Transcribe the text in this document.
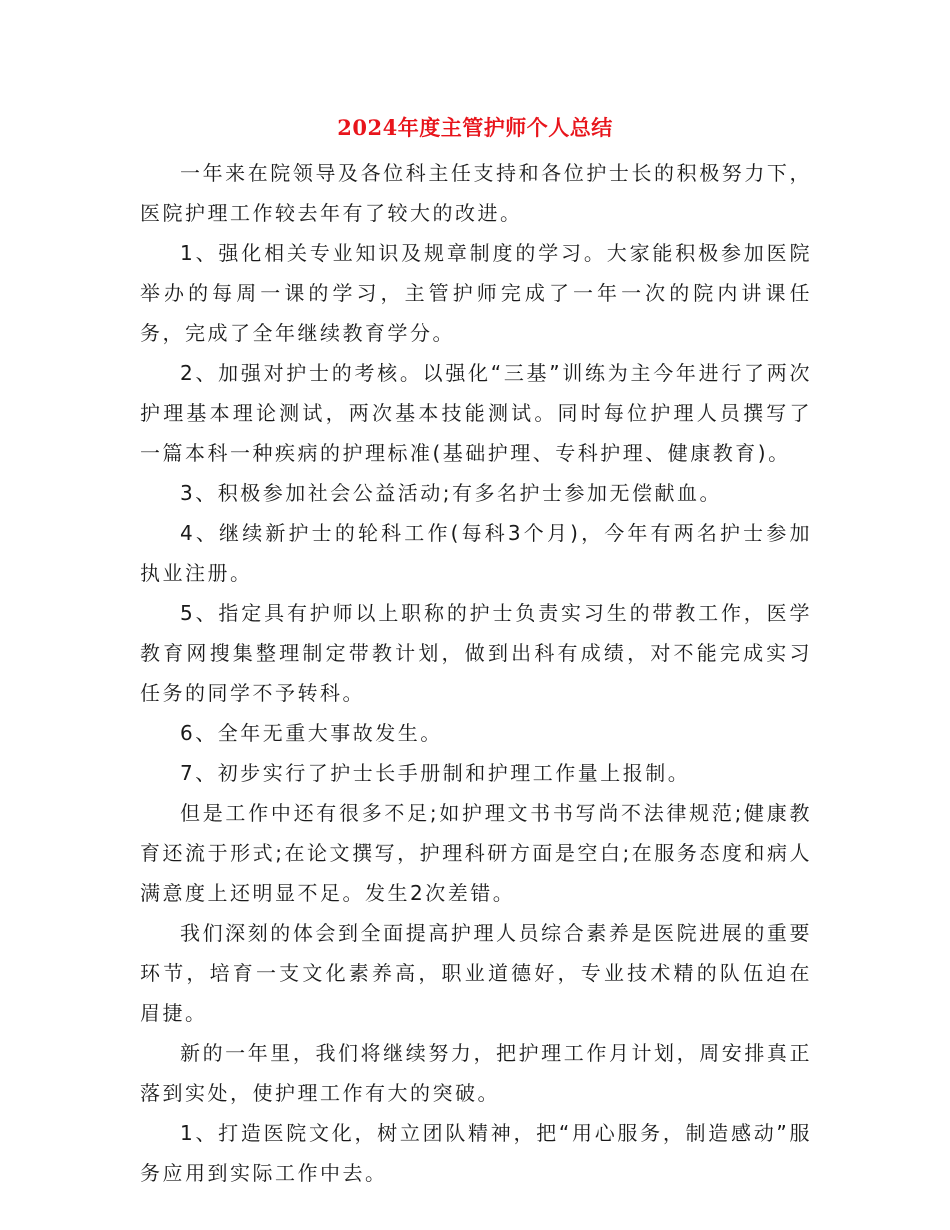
2024年度主管护师个人总结

一年来在院领导及各位科主任支持和各位护士长的积极努力下，医院护理工作较去年有了较大的改进。

1、强化相关专业知识及规章制度的学习。大家能积极参加医院举办的每周一课的学习，主管护师完成了一年一次的院内讲课任务，完成了全年继续教育学分。

2、加强对护士的考核。以强化“三基”训练为主今年进行了两次护理基本理论测试，两次基本技能测试。同时每位护理人员撰写了一篇本科一种疾病的护理标准(基础护理、专科护理、健康教育)。

3、积极参加社会公益活动;有多名护士参加无偿献血。

4、继续新护士的轮科工作(每科3个月)，今年有两名护士参加执业注册。

5、指定具有护师以上职称的护士负责实习生的带教工作，医学教育网搜集整理制定带教计划，做到出科有成绩，对不能完成实习任务的同学不予转科。

6、全年无重大事故发生。

7、初步实行了护士长手册制和护理工作量上报制。

但是工作中还有很多不足;如护理文书书写尚不法律规范;健康教育还流于形式;在论文撰写，护理科研方面是空白;在服务态度和病人满意度上还明显不足。发生2次差错。

我们深刻的体会到全面提高护理人员综合素养是医院进展的重要环节，培育一支文化素养高，职业道德好，专业技术精的队伍迫在眉捷。

新的一年里，我们将继续努力，把护理工作月计划，周安排真正落到实处，使护理工作有大的突破。

1、打造医院文化，树立团队精神，把“用心服务，制造感动”服务应用到实际工作中去。
